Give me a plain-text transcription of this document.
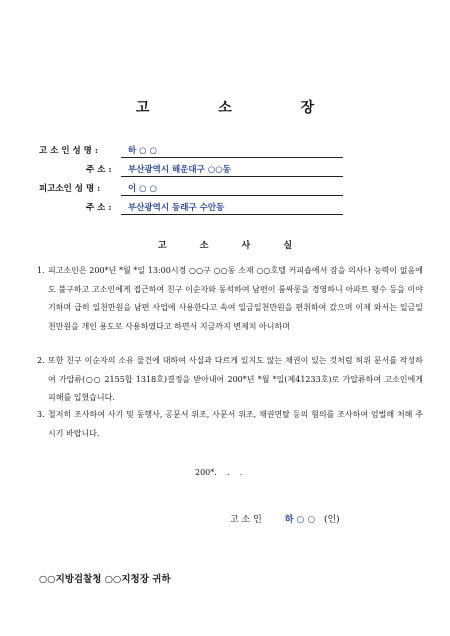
고 소 장
고 소 인 성 명 :	하 ○ ○
주 소 : 부산광역시 해운대구 ○○동
피고소인 성 명 :	이 ○ ○
주 소 : 부산광역시 동래구 수안동
고 소 사 실
1. 피고소인은 200*년 *월 *일 13:00시경 ○○구 ○○동 소재 ○○호텔 커피숍에서 잠을 의사나 능력이 없음에도 불구하고 고소인에게 접근하여 친구 이순자와 동석하여 남편이 룸싸롱을 경영하니 아파트 평수 등을 이야기하며 급히 일천만원을 남편 사업에 사용한다고 속여 일금일천만원을 편취하여 갔으며 이제 와서는 일금일천만원을 개인 용도로 사용하였다고 하면서 지금까지 변제치 아니하며
2. 또한 친구 이순자의 소유 물건에 대하여 사실과 다르게 있지도 않는 채권이 있는 것처럼 허위 문서를 작성하여 가압류(○○ 2155합 1318호)결정을 받아내어 200*년 *월 *일(제41233호)로 가압류하여 고소인에게 피해를 입혔습니다.
3. 철저히 조사하여 사기 및 동행사, 공문서 위조, 사문서 위조, 채권면탈 등의 혐의를 조사하여 엄벌해 처해 주시기 바랍니다.
200*.    .    .
고 소 인	하 ○ ○ (인)
○○지방검찰청 ○○지청장 귀하
